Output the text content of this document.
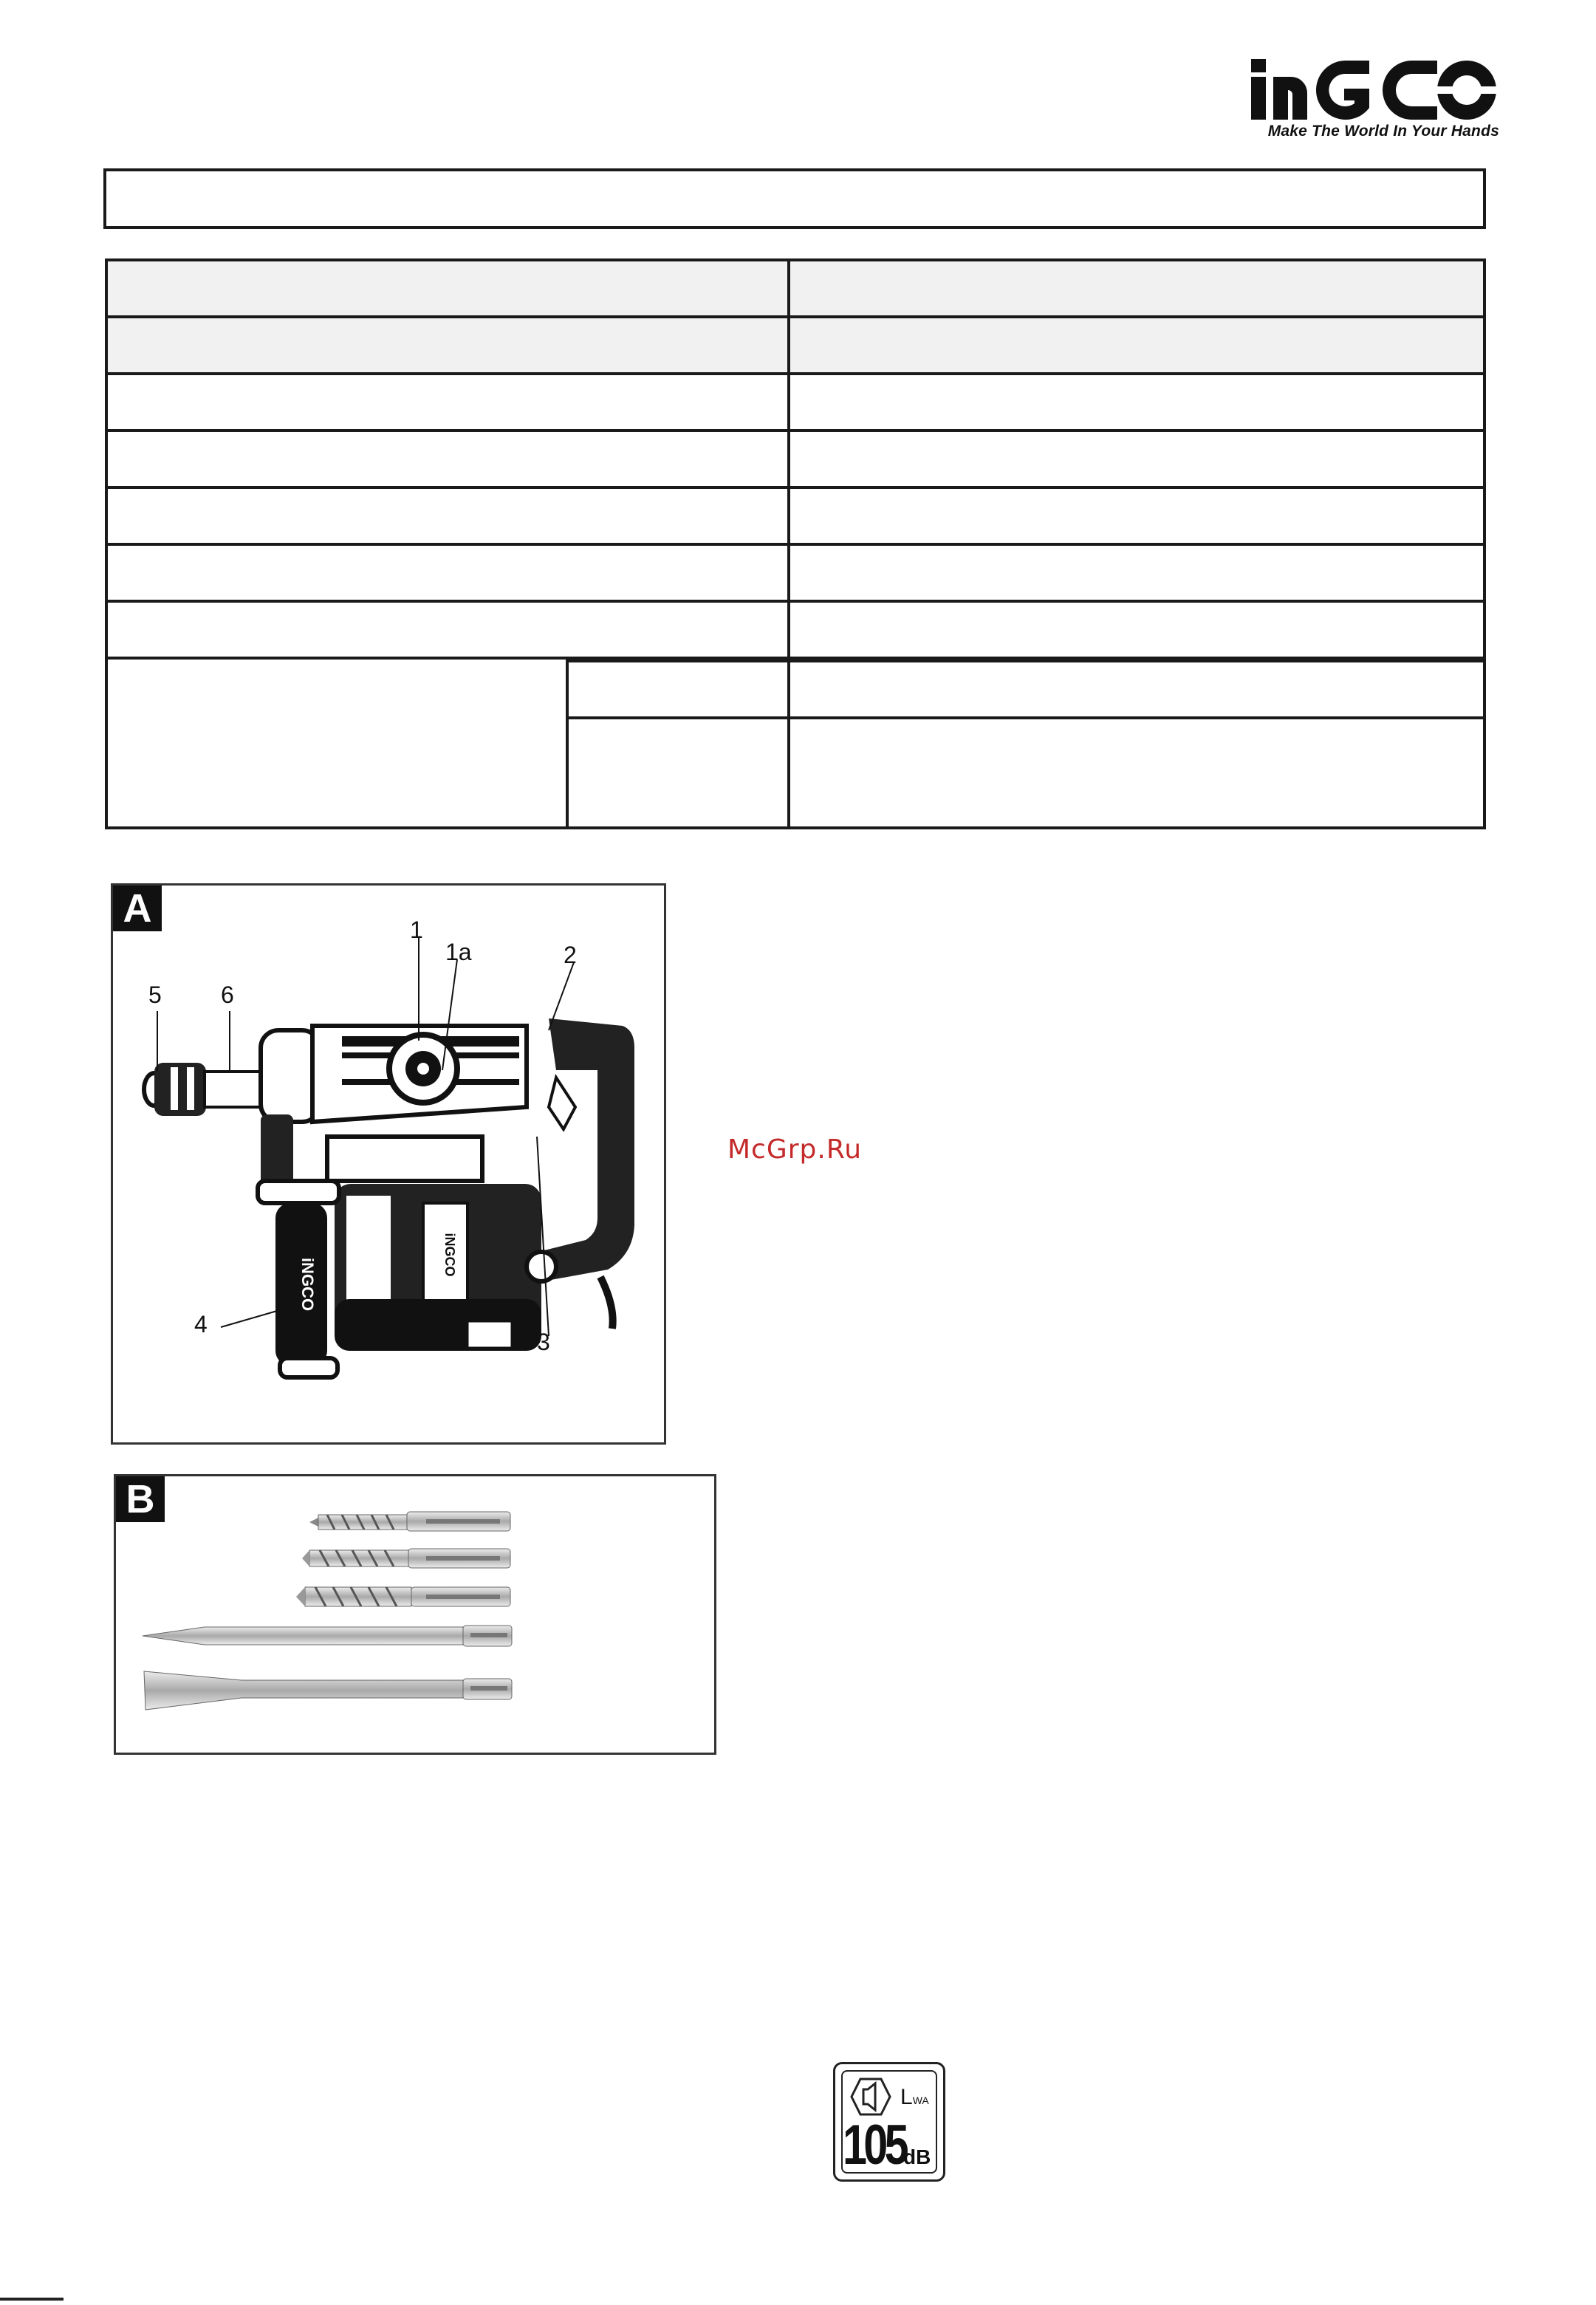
Make The World In Your Hands
A
iNGCO
iNGCO
1
1a	2
3
4
5	6
B
McGrp.Ru
LWA
105
dB
